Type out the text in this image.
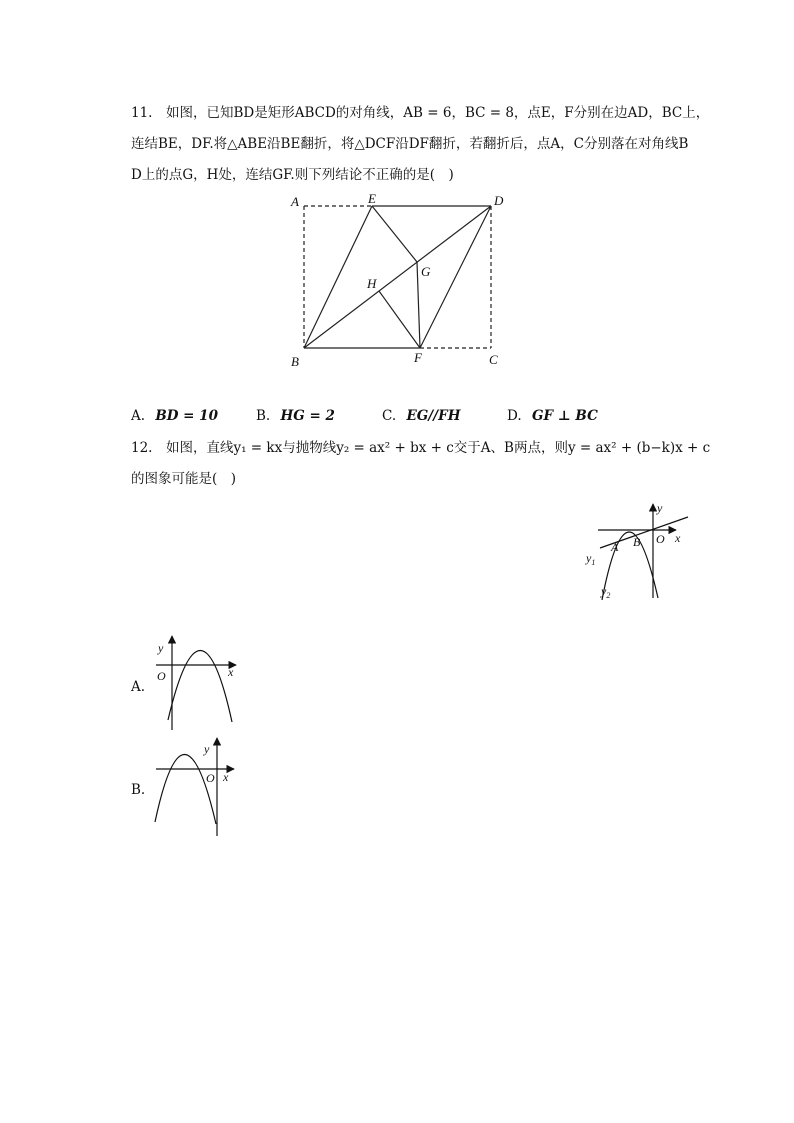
11.　如图，已知BD是矩形ABCD的对角线，AB = 6，BC = 8，点E，F分别在边AD，BC上，
连结BE，DF.将△ABE沿BE翻折，将△DCF沿DF翻折，若翻折后，点A，C分别落在对角线B
D上的点G，H处，连结GF.则下列结论不正确的是(　)
A	E	D
G
H
B	F	C
A. BD = 10	B. HG = 2	C. EG//FH	D. GF ⊥ BC
12.　如图，直线y₁ = kx与抛物线y₂ = ax² + bx + c交于A、B两点，则y = ax² + (b−k)x + c
的图象可能是(　)
y
O x
A B
$y_1$
$y_2$
A.
y
O	x
B.
y
O x
